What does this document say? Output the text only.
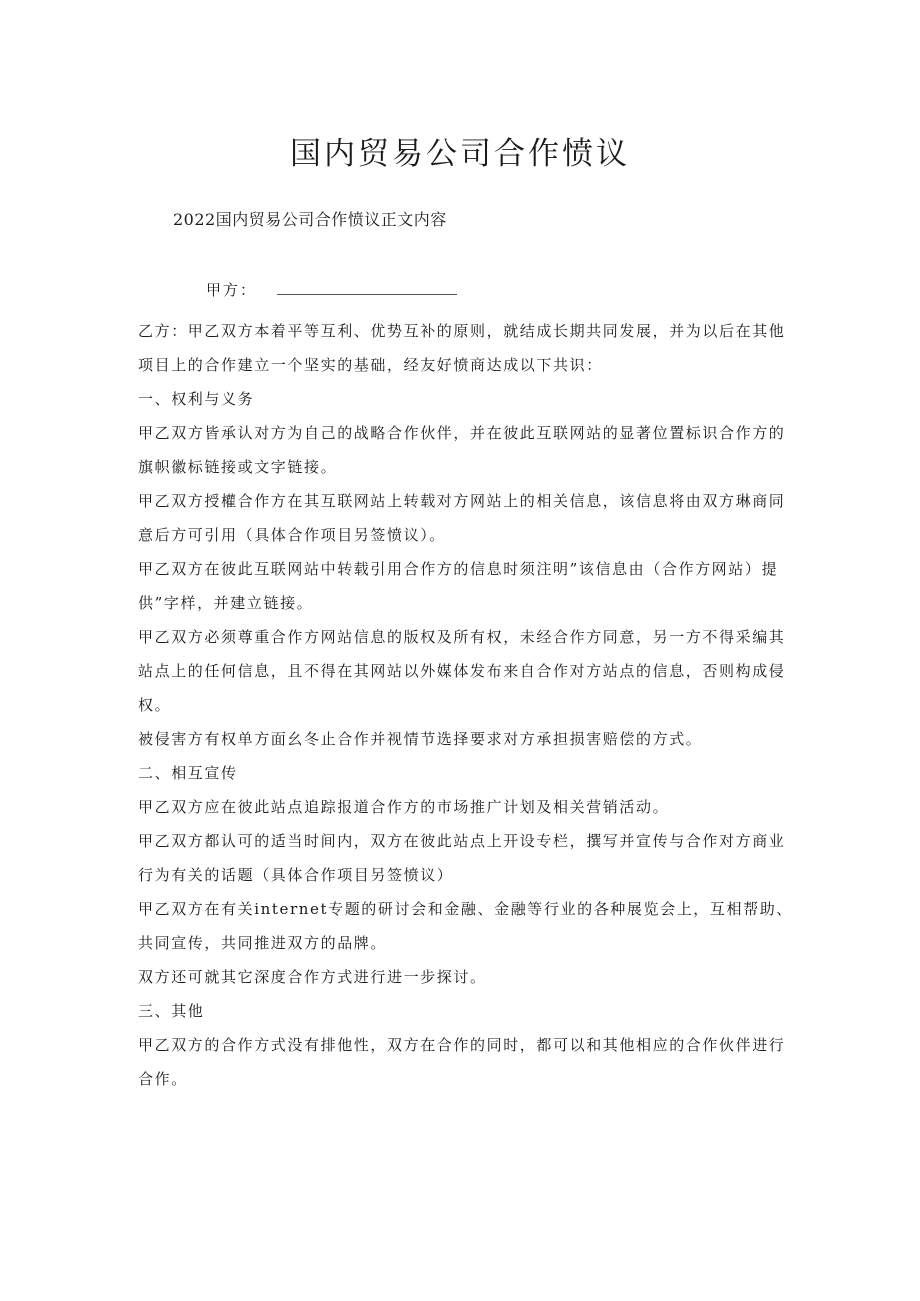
国内贸易公司合作愤议
2022国内贸易公司合作愤议正文内容
甲方：

乙方：甲乙双方本着平等互利、优势互补的原则，就结成长期共同发展，并为以后在其他项目上的合作建立一个坚实的基础，经友好愤商达成以下共识：

一、权利与义务

甲乙双方皆承认对方为自己的战略合作伙伴，并在彼此互联网站的显著位置标识合作方的旗帜徽标链接或文字链接。

甲乙双方授權合作方在其互联网站上转载对方网站上的相关信息，该信息将由双方琳商同意后方可引用（具体合作项目另签愤议）。

甲乙双方在彼此互联网站中转载引用合作方的信息时须注明”该信息由（合作方网站）提供”字样，并建立链接。

甲乙双方必须尊重合作方网站信息的版权及所有权，未经合作方同意，另一方不得采编其站点上的任何信息，且不得在其网站以外媒体发布来自合作对方站点的信息，否则构成侵权。

被侵害方有权单方面幺冬止合作并视情节选择要求对方承担损害赔偿的方式。

二、相互宣传

甲乙双方应在彼此站点追踪报道合作方的市场推广计划及相关营销活动。

甲乙双方都认可的适当时间内，双方在彼此站点上开设专栏，撰写并宣传与合作对方商业行为有关的话题（具体合作项目另签愤议）

甲乙双方在有关internet专题的研讨会和金融、金融等行业的各种展览会上，互相帮助、共同宣传，共同推进双方的品牌。

双方还可就其它深度合作方式进行进一步探讨。

三、其他

甲乙双方的合作方式没有排他性，双方在合作的同时，都可以和其他相应的合作伙伴进行合作。
